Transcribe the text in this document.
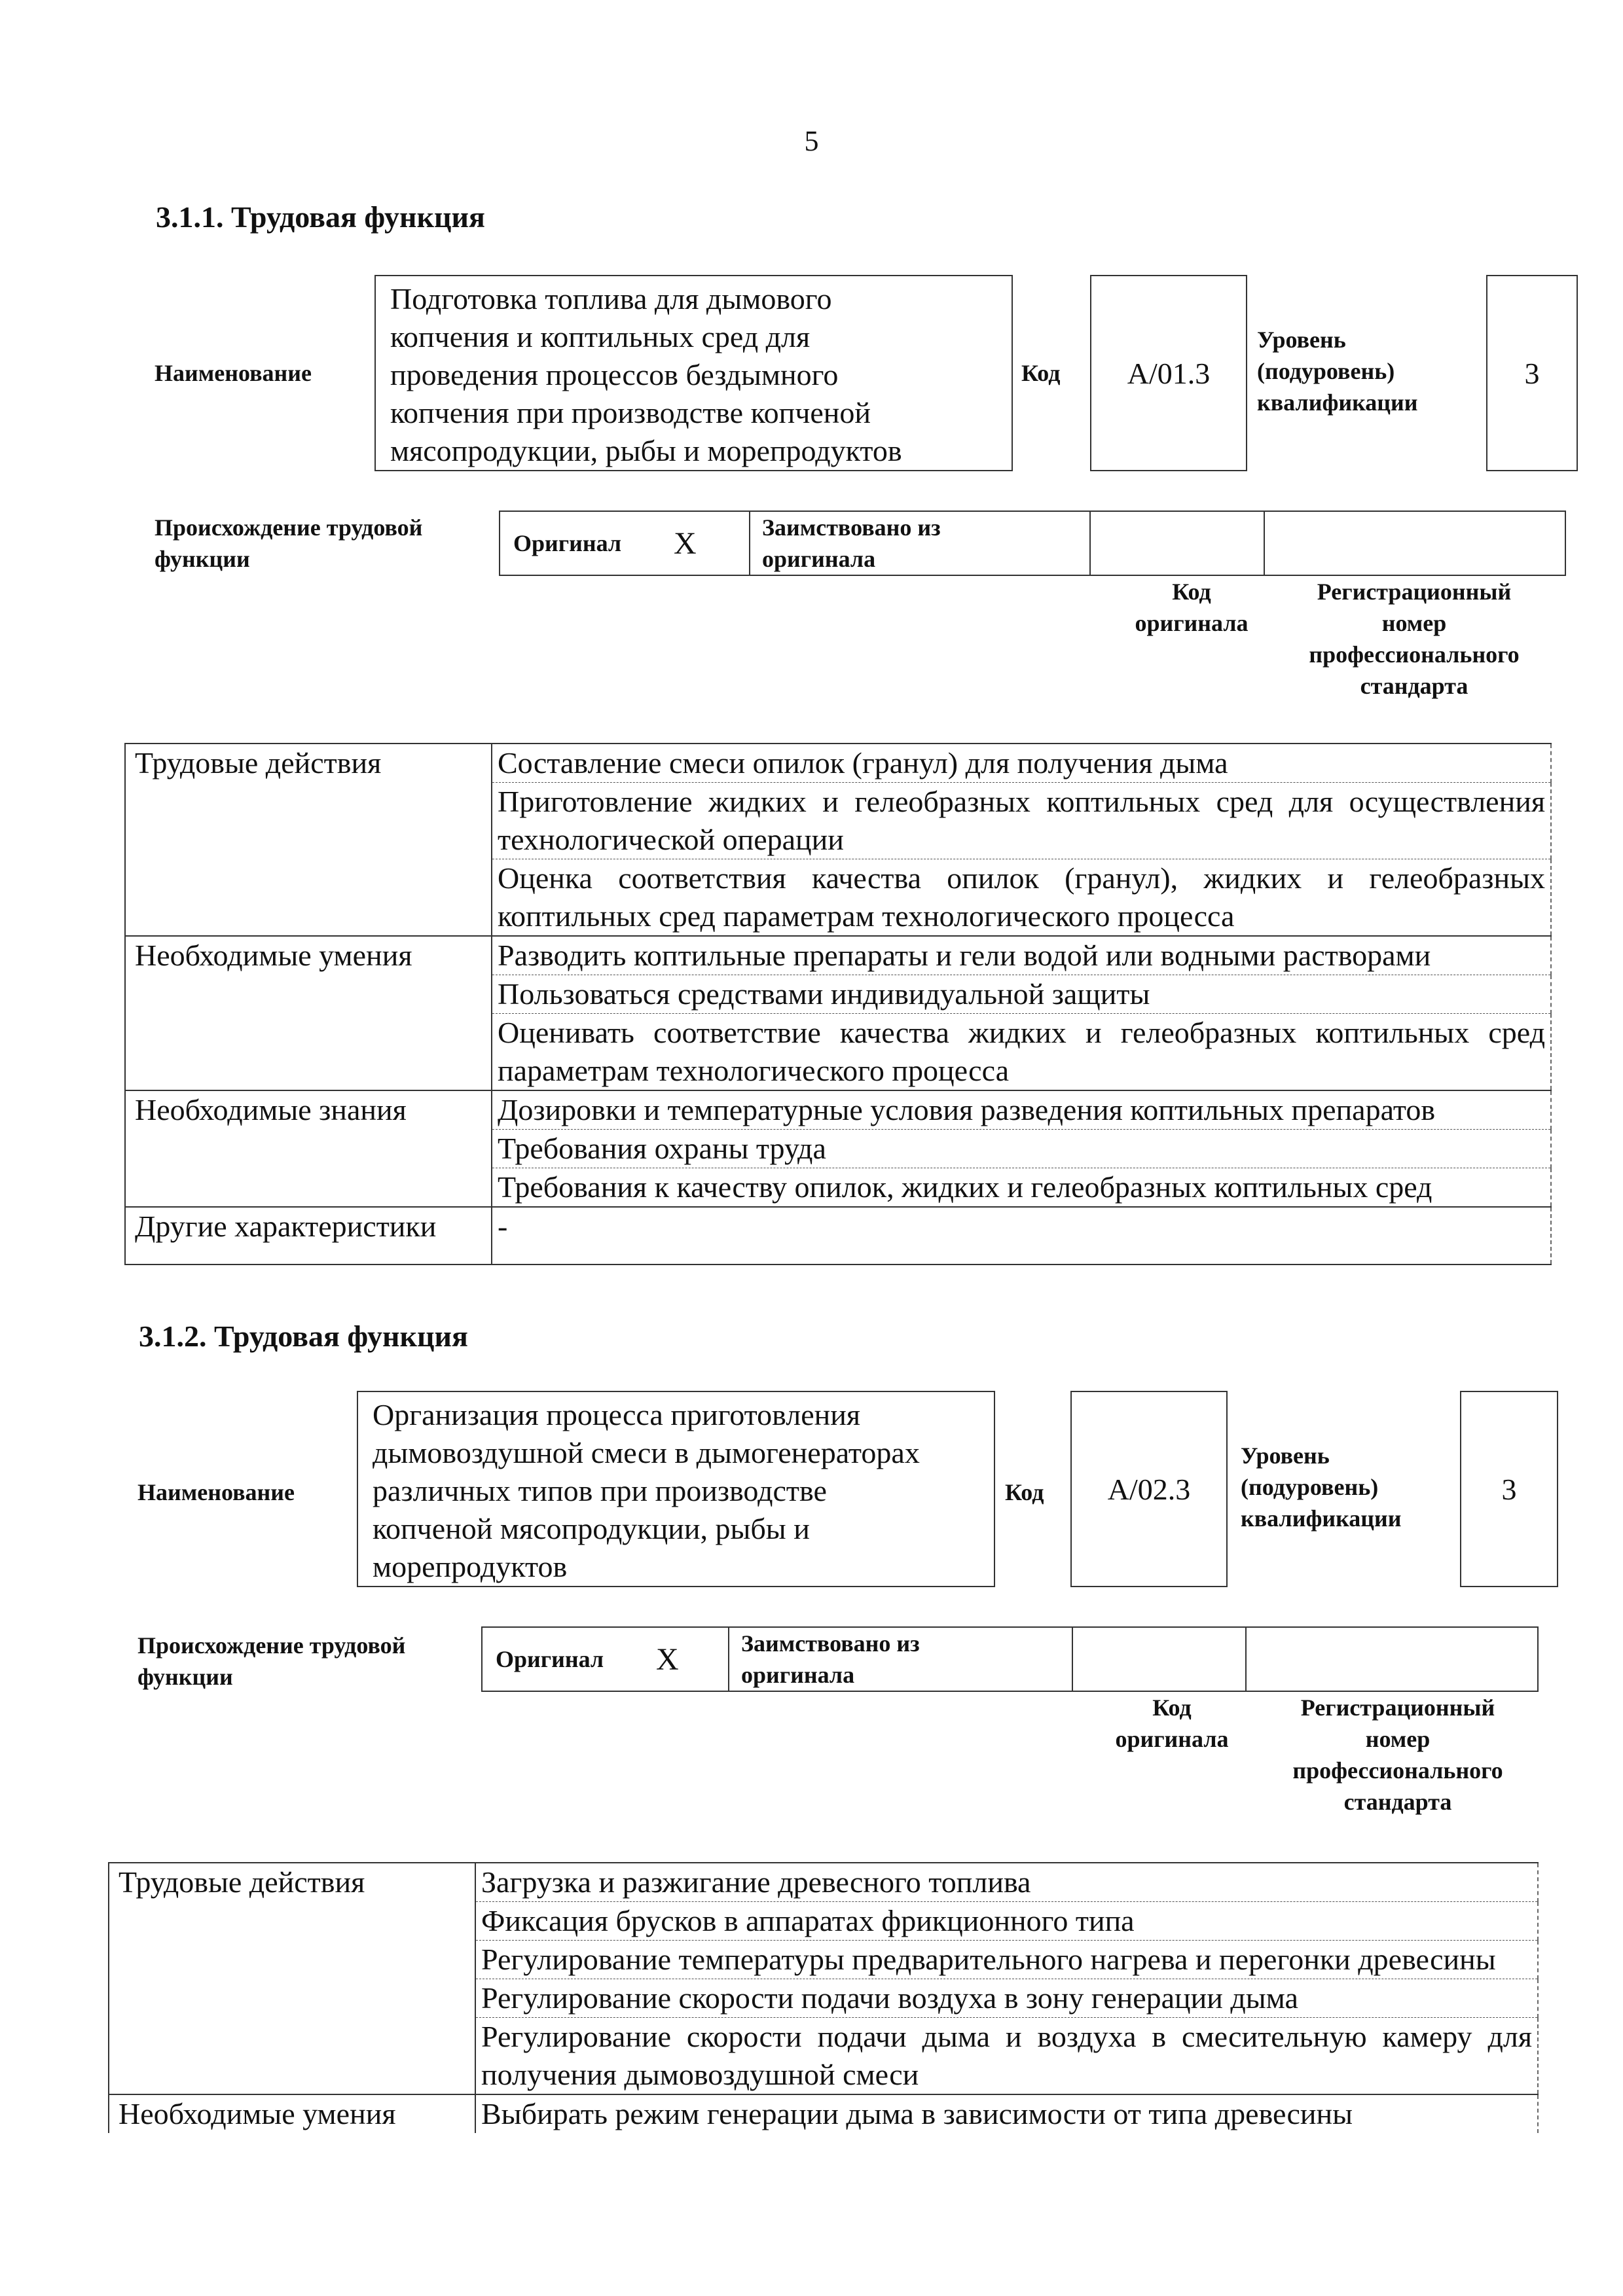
5
3.1.1. Трудовая функция
Наименование
Подготовка топлива для дымового
копчения и коптильных сред для
проведения процессов бездымного
копчения при производстве копченой
мясопродукции, рыбы и морепродуктов
Код А/01.3
Уровень
(подуровень)
квалификации
3
Происхождение трудовой
функции
Оригинал X	Заимствовано из
оригинала
Код
оригинала
Регистрационный
номер
профессионального
стандарта
Трудовые действия	Составление смеси опилок (гранул) для получения дыма
	Приготовление жидких и гелеобразных коптильных сред для осуществления технологической операции
	Оценка соответствия качества опилок (гранул), жидких и гелеобразных коптильных сред параметрам технологического процесса
Необходимые умения	Разводить коптильные препараты и гели водой или водными растворами
	Пользоваться средствами индивидуальной защиты
	Оценивать соответствие качества жидких и гелеобразных коптильных сред параметрам технологического процесса
Необходимые знания	Дозировки и температурные условия разведения коптильных препаратов
	Требования охраны труда
	Требования к качеству опилок, жидких и гелеобразных коптильных сред
Другие характеристики	-
3.1.2. Трудовая функция
Наименование
Организация процесса приготовления
дымовоздушной смеси в дымогенераторах
различных типов при производстве
копченой мясопродукции, рыбы и
морепродуктов
Код А/02.3
Уровень
(подуровень)
квалификации
3
Происхождение трудовой
функции
Оригинал X	Заимствовано из
оригинала
Код
оригинала
Регистрационный
номер
профессионального
стандарта
Трудовые действия	Загрузка и разжигание древесного топлива
	Фиксация брусков в аппаратах фрикционного типа
	Регулирование температуры предварительного нагрева и перегонки древесины
	Регулирование скорости подачи воздуха в зону генерации дыма
	Регулирование скорости подачи дыма и воздуха в смесительную камеру для получения дымовоздушной смеси
Необходимые умения	Выбирать режим генерации дыма в зависимости от типа древесины
